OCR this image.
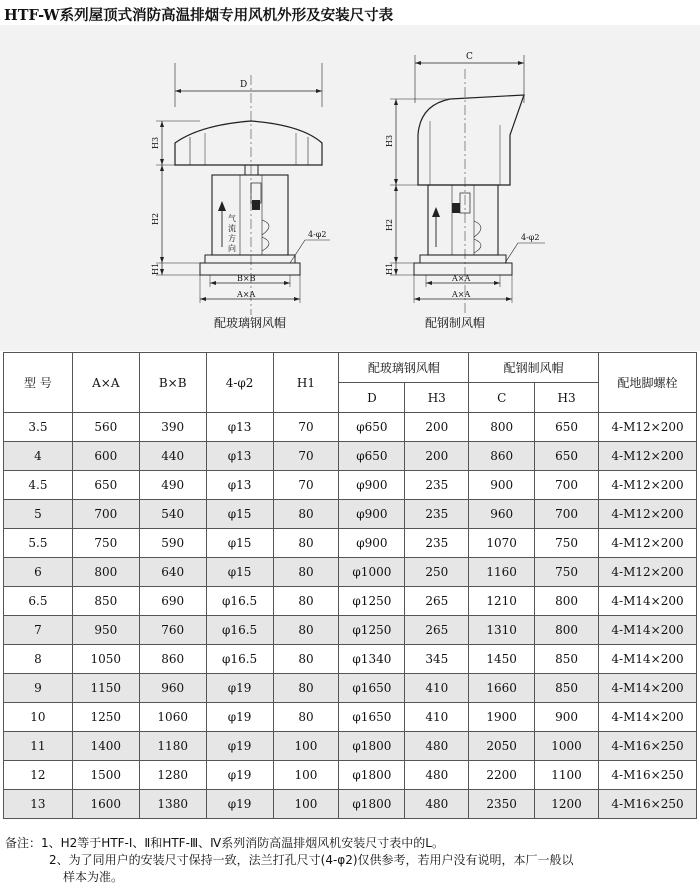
HTF-W系列屋顶式消防高温排烟专用风机外形及安装尺寸表
D
H3
H2
H1
4-φ2
B×B
A×A
气
流
方
向
C
H3
H2
H1
4-φ2
A×A
A×A
配玻璃钢风帽	配钢制风帽
型 号	A×A	B×B	4-φ2	H1	配玻璃钢风帽		配钢制风帽		配地脚螺栓
					D	H3	C	H3	
3.5	560	390	φ13	70	φ650	200	800	650	4-M12×200
4	600	440	φ13	70	φ650	200	860	650	4-M12×200
4.5	650	490	φ13	70	φ900	235	900	700	4-M12×200
5	700	540	φ15	80	φ900	235	960	700	4-M12×200
5.5	750	590	φ15	80	φ900	235	1070	750	4-M12×200
6	800	640	φ15	80	φ1000	250	1160	750	4-M12×200
6.5	850	690	φ16.5	80	φ1250	265	1210	800	4-M14×200
7	950	760	φ16.5	80	φ1250	265	1310	800	4-M14×200
8	1050	860	φ16.5	80	φ1340	345	1450	850	4-M14×200
9	1150	960	φ19	80	φ1650	410	1660	850	4-M14×200
10	1250	1060	φ19	80	φ1650	410	1900	900	4-M14×200
11	1400	1180	φ19	100	φ1800	480	2050	1000	4-M16×250
12	1500	1280	φ19	100	φ1800	480	2200	1100	4-M16×250
13	1600	1380	φ19	100	φ1800	480	2350	1200	4-M16×250
备注：1、H2等于HTF-Ⅰ、Ⅱ和HTF-Ⅲ、Ⅳ系列消防高温排烟风机安装尺寸表中的L。
2、为了同用户的安装尺寸保持一致，法兰打孔尺寸(4-φ2)仅供参考，若用户没有说明，本厂一般以
样本为准。
